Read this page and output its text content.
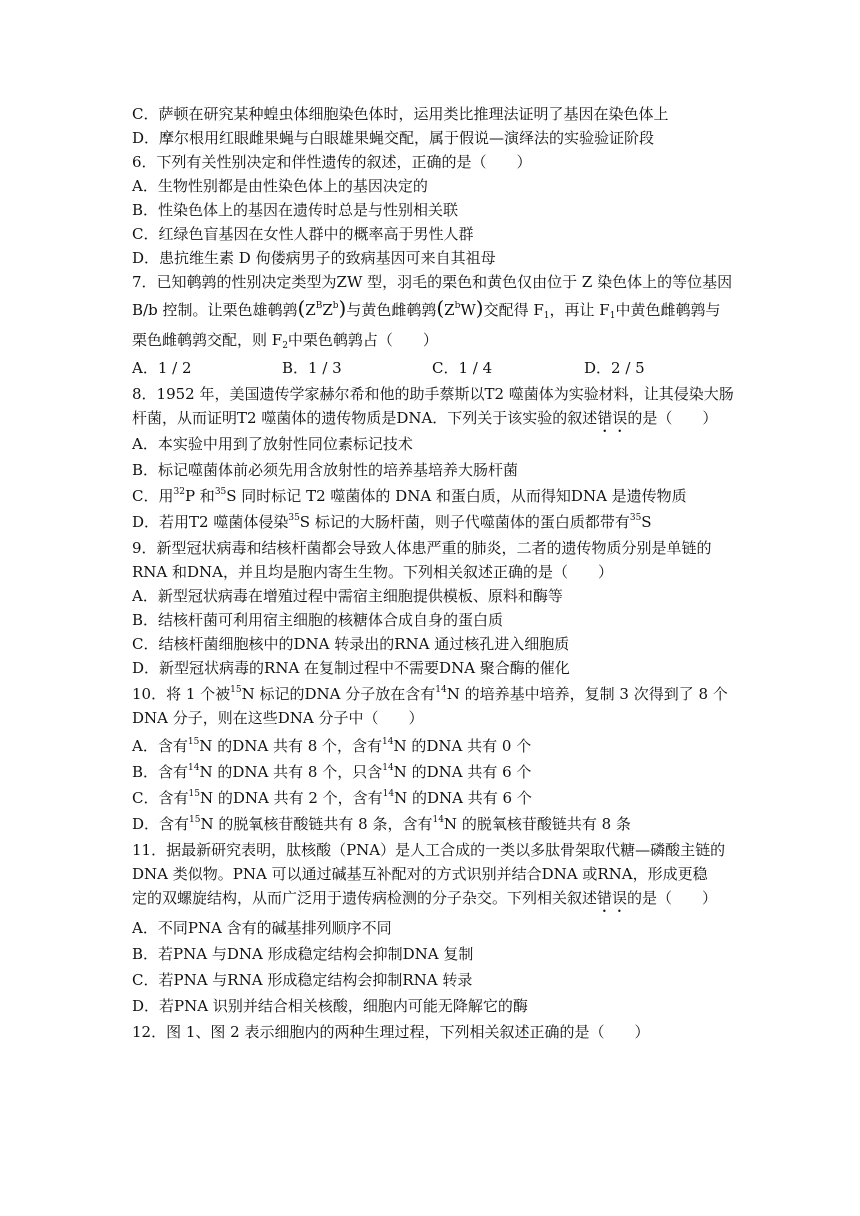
C．萨顿在研究某种蝗虫体细胞染色体时，运用类比推理法证明了基因在染色体上
D．摩尔根用红眼雌果蝇与白眼雄果蝇交配，属于假说—演绎法的实验验证阶段
6．下列有关性别决定和伴性遗传的叙述，正确的是（　　）
A．生物性别都是由性染色体上的基因决定的
B．性染色体上的基因在遗传时总是与性别相关联
C．红绿色盲基因在女性人群中的概率高于男性人群
D．患抗维生素 D 佝偻病男子的致病基因可来自其祖母
7．已知鹌鹑的性别决定类型为ZW 型，羽毛的栗色和黄色仅由位于 Z 染色体上的等位基因
B/b 控制。让栗色雄鹌鹑$(Z^BZ^b)$与黄色雌鹌鹑$(Z^bW)$交配得 $F_1$，再让 $F_1$中黄色雌鹌鹑与
栗色雌鹌鹑交配，则 $F_2$中栗色鹌鹑占（　　）
A．1 / 2	B．1 / 3	C．1 / 4	D．2 / 5
8．1952 年，美国遗传学家赫尔希和他的助手蔡斯以T2 噬菌体为实验材料，让其侵染大肠
杆菌，从而证明T2 噬菌体的遗传物质是DNA．下列关于该实验的叙述错误的是（　　）
A．本实验中用到了放射性同位素标记技术
B．标记噬菌体前必须先用含放射性的培养基培养大肠杆菌
C．用$^{32}$P 和$^{35}$S 同时标记 T2 噬菌体的 DNA 和蛋白质，从而得知DNA 是遗传物质
D．若用T2 噬菌体侵染$^{35}$S 标记的大肠杆菌，则子代噬菌体的蛋白质都带有$^{35}$S
9．新型冠状病毒和结核杆菌都会导致人体患严重的肺炎，二者的遗传物质分别是单链的
RNA 和DNA，并且均是胞内寄生生物。下列相关叙述正确的是（　　）
A．新型冠状病毒在增殖过程中需宿主细胞提供模板、原料和酶等
B．结核杆菌可利用宿主细胞的核糖体合成自身的蛋白质
C．结核杆菌细胞核中的DNA 转录出的RNA 通过核孔进入细胞质
D．新型冠状病毒的RNA 在复制过程中不需要DNA 聚合酶的催化
10．将 1 个被$^{15}$N 标记的DNA 分子放在含有$^{14}$N 的培养基中培养，复制 3 次得到了 8 个
DNA 分子，则在这些DNA 分子中（　　）
A．含有$^{15}$N 的DNA 共有 8 个，含有$^{14}$N 的DNA 共有 0 个
B．含有$^{14}$N 的DNA 共有 8 个，只含$^{14}$N 的DNA 共有 6 个
C．含有$^{15}$N 的DNA 共有 2 个，含有$^{14}$N 的DNA 共有 6 个
D．含有$^{15}$N 的脱氧核苷酸链共有 8 条，含有$^{14}$N 的脱氧核苷酸链共有 8 条
11．据最新研究表明，肽核酸（PNA）是人工合成的一类以多肽骨架取代糖—磷酸主链的
DNA 类似物。PNA 可以通过碱基互补配对的方式识别并结合DNA 或RNA，形成更稳
定的双螺旋结构，从而广泛用于遗传病检测的分子杂交。下列相关叙述错误的是（　　）
A．不同PNA 含有的碱基排列顺序不同
B．若PNA 与DNA 形成稳定结构会抑制DNA 复制
C．若PNA 与RNA 形成稳定结构会抑制RNA 转录
D．若PNA 识别并结合相关核酸，细胞内可能无降解它的酶
12．图 1、图 2 表示细胞内的两种生理过程，下列相关叙述正确的是（　　）
